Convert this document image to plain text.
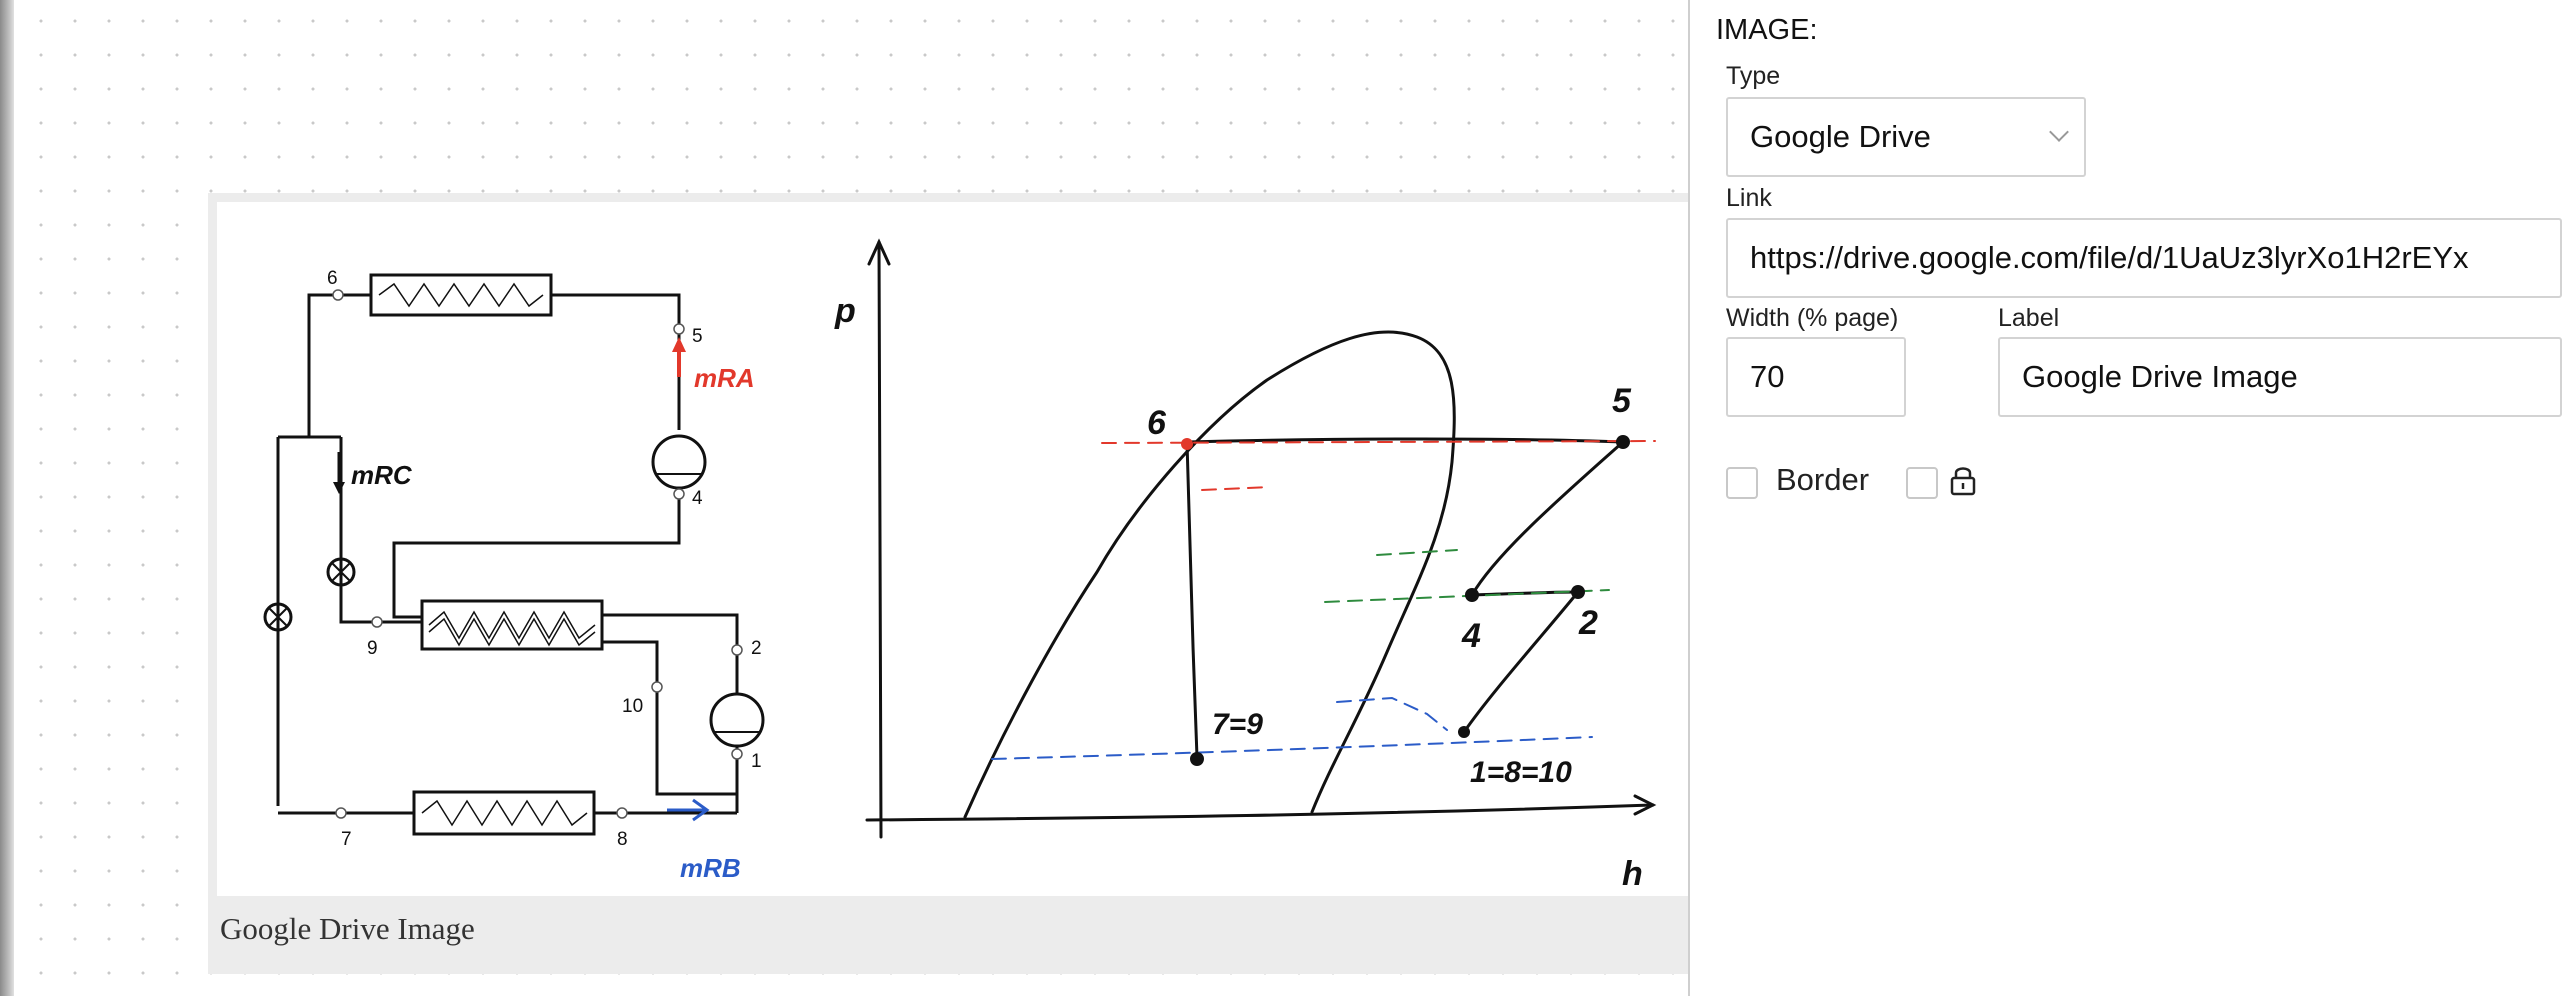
6
5
4
9	2
10
1
7	8
mRA
mRC
mRB
p
h
6
5
4	2
7=9
1=8=10
Google Drive Image
IMAGE:
Type
Google Drive
Link
https://drive.google.com/file/d/1UaUz3lyrXo1H2rEYx
Width (% page)
70
Label
Google Drive Image
Border
